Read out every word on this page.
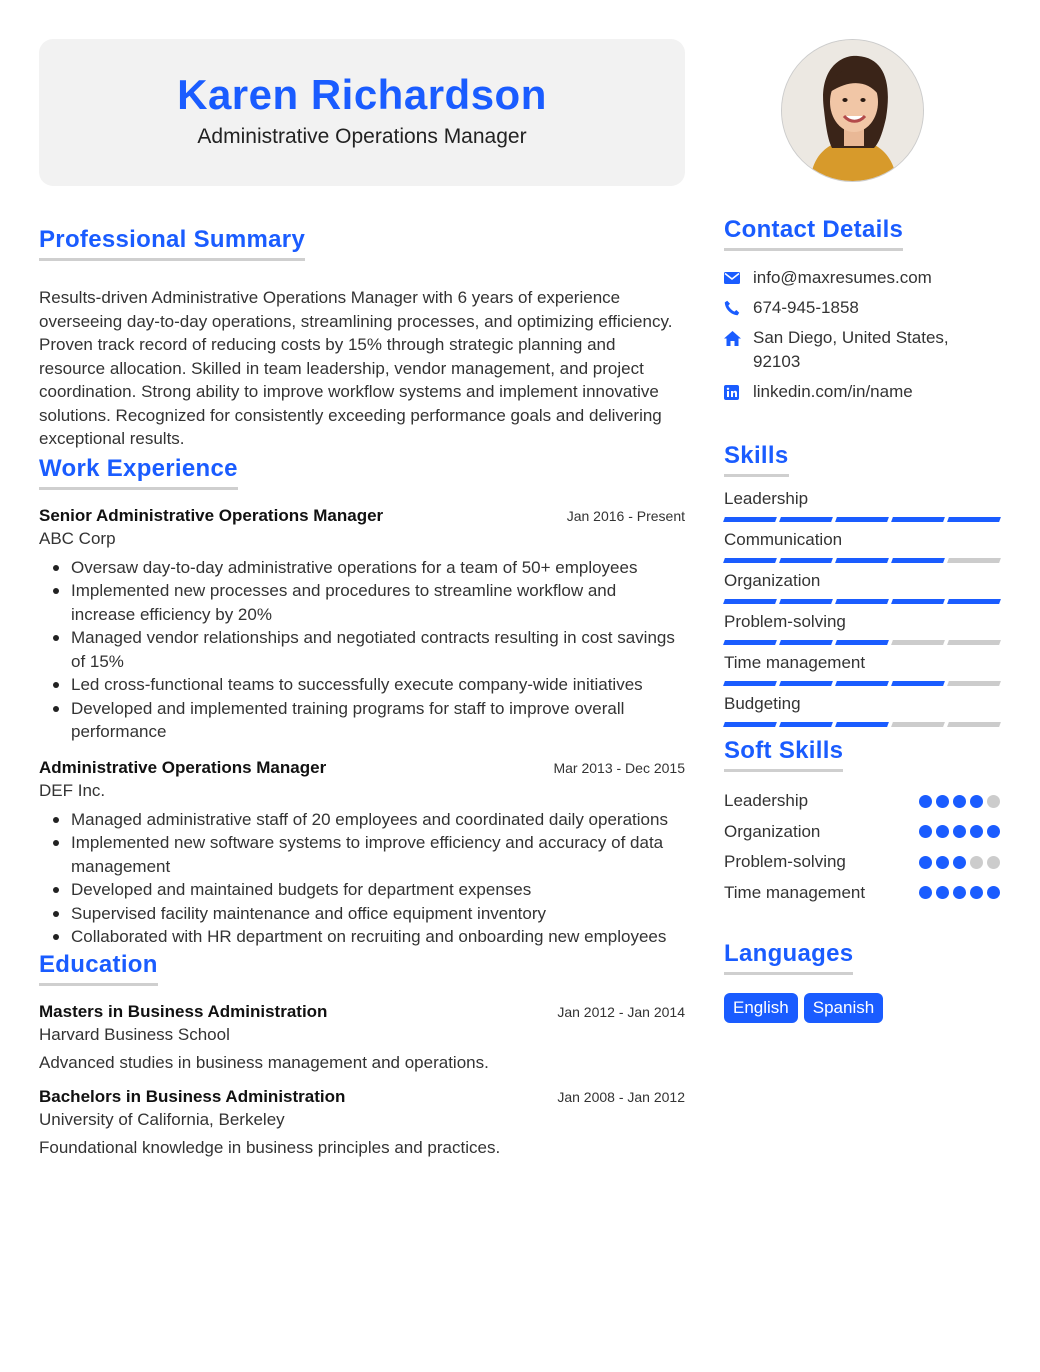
Karen Richardson
Administrative Operations Manager
Professional Summary

Results-driven Administrative Operations Manager with 6 years of experience overseeing day-to-day operations, streamlining processes, and optimizing efficiency. Proven track record of reducing costs by 15% through strategic planning and resource allocation. Skilled in team leadership, vendor management, and project coordination. Strong ability to improve workflow systems and implement innovative solutions. Recognized for consistently exceeding performance goals and delivering exceptional results.

Work Experience
Senior Administrative Operations Manager	Jan 2016 - Present
ABC Corp
Oversaw day-to-day administrative operations for a team of 50+ employees
Implemented new processes and procedures to streamline workflow and increase efficiency by 20%
Managed vendor relationships and negotiated contracts resulting in cost savings of 15%
Led cross-functional teams to successfully execute company-wide initiatives
Developed and implemented training programs for staff to improve overall performance
Administrative Operations Manager	Mar 2013 - Dec 2015
DEF Inc.
Managed administrative staff of 20 employees and coordinated daily operations
Implemented new software systems to improve efficiency and accuracy of data management
Developed and maintained budgets for department expenses
Supervised facility maintenance and office equipment inventory
Collaborated with HR department on recruiting and onboarding new employees
Education
Masters in Business Administration	Jan 2012 - Jan 2014
Harvard Business School
Advanced studies in business management and operations.
Bachelors in Business Administration	Jan 2008 - Jan 2012
University of California, Berkeley
Foundational knowledge in business principles and practices.
Contact Details
info@maxresumes.com
674-945-1858
San Diego, United States, 92103
linkedin.com/in/name
Skills
Leadership
Communication
Organization
Problem-solving
Time management
Budgeting
Soft Skills
Leadership
Organization
Problem-solving
Time management
Languages
English	Spanish
